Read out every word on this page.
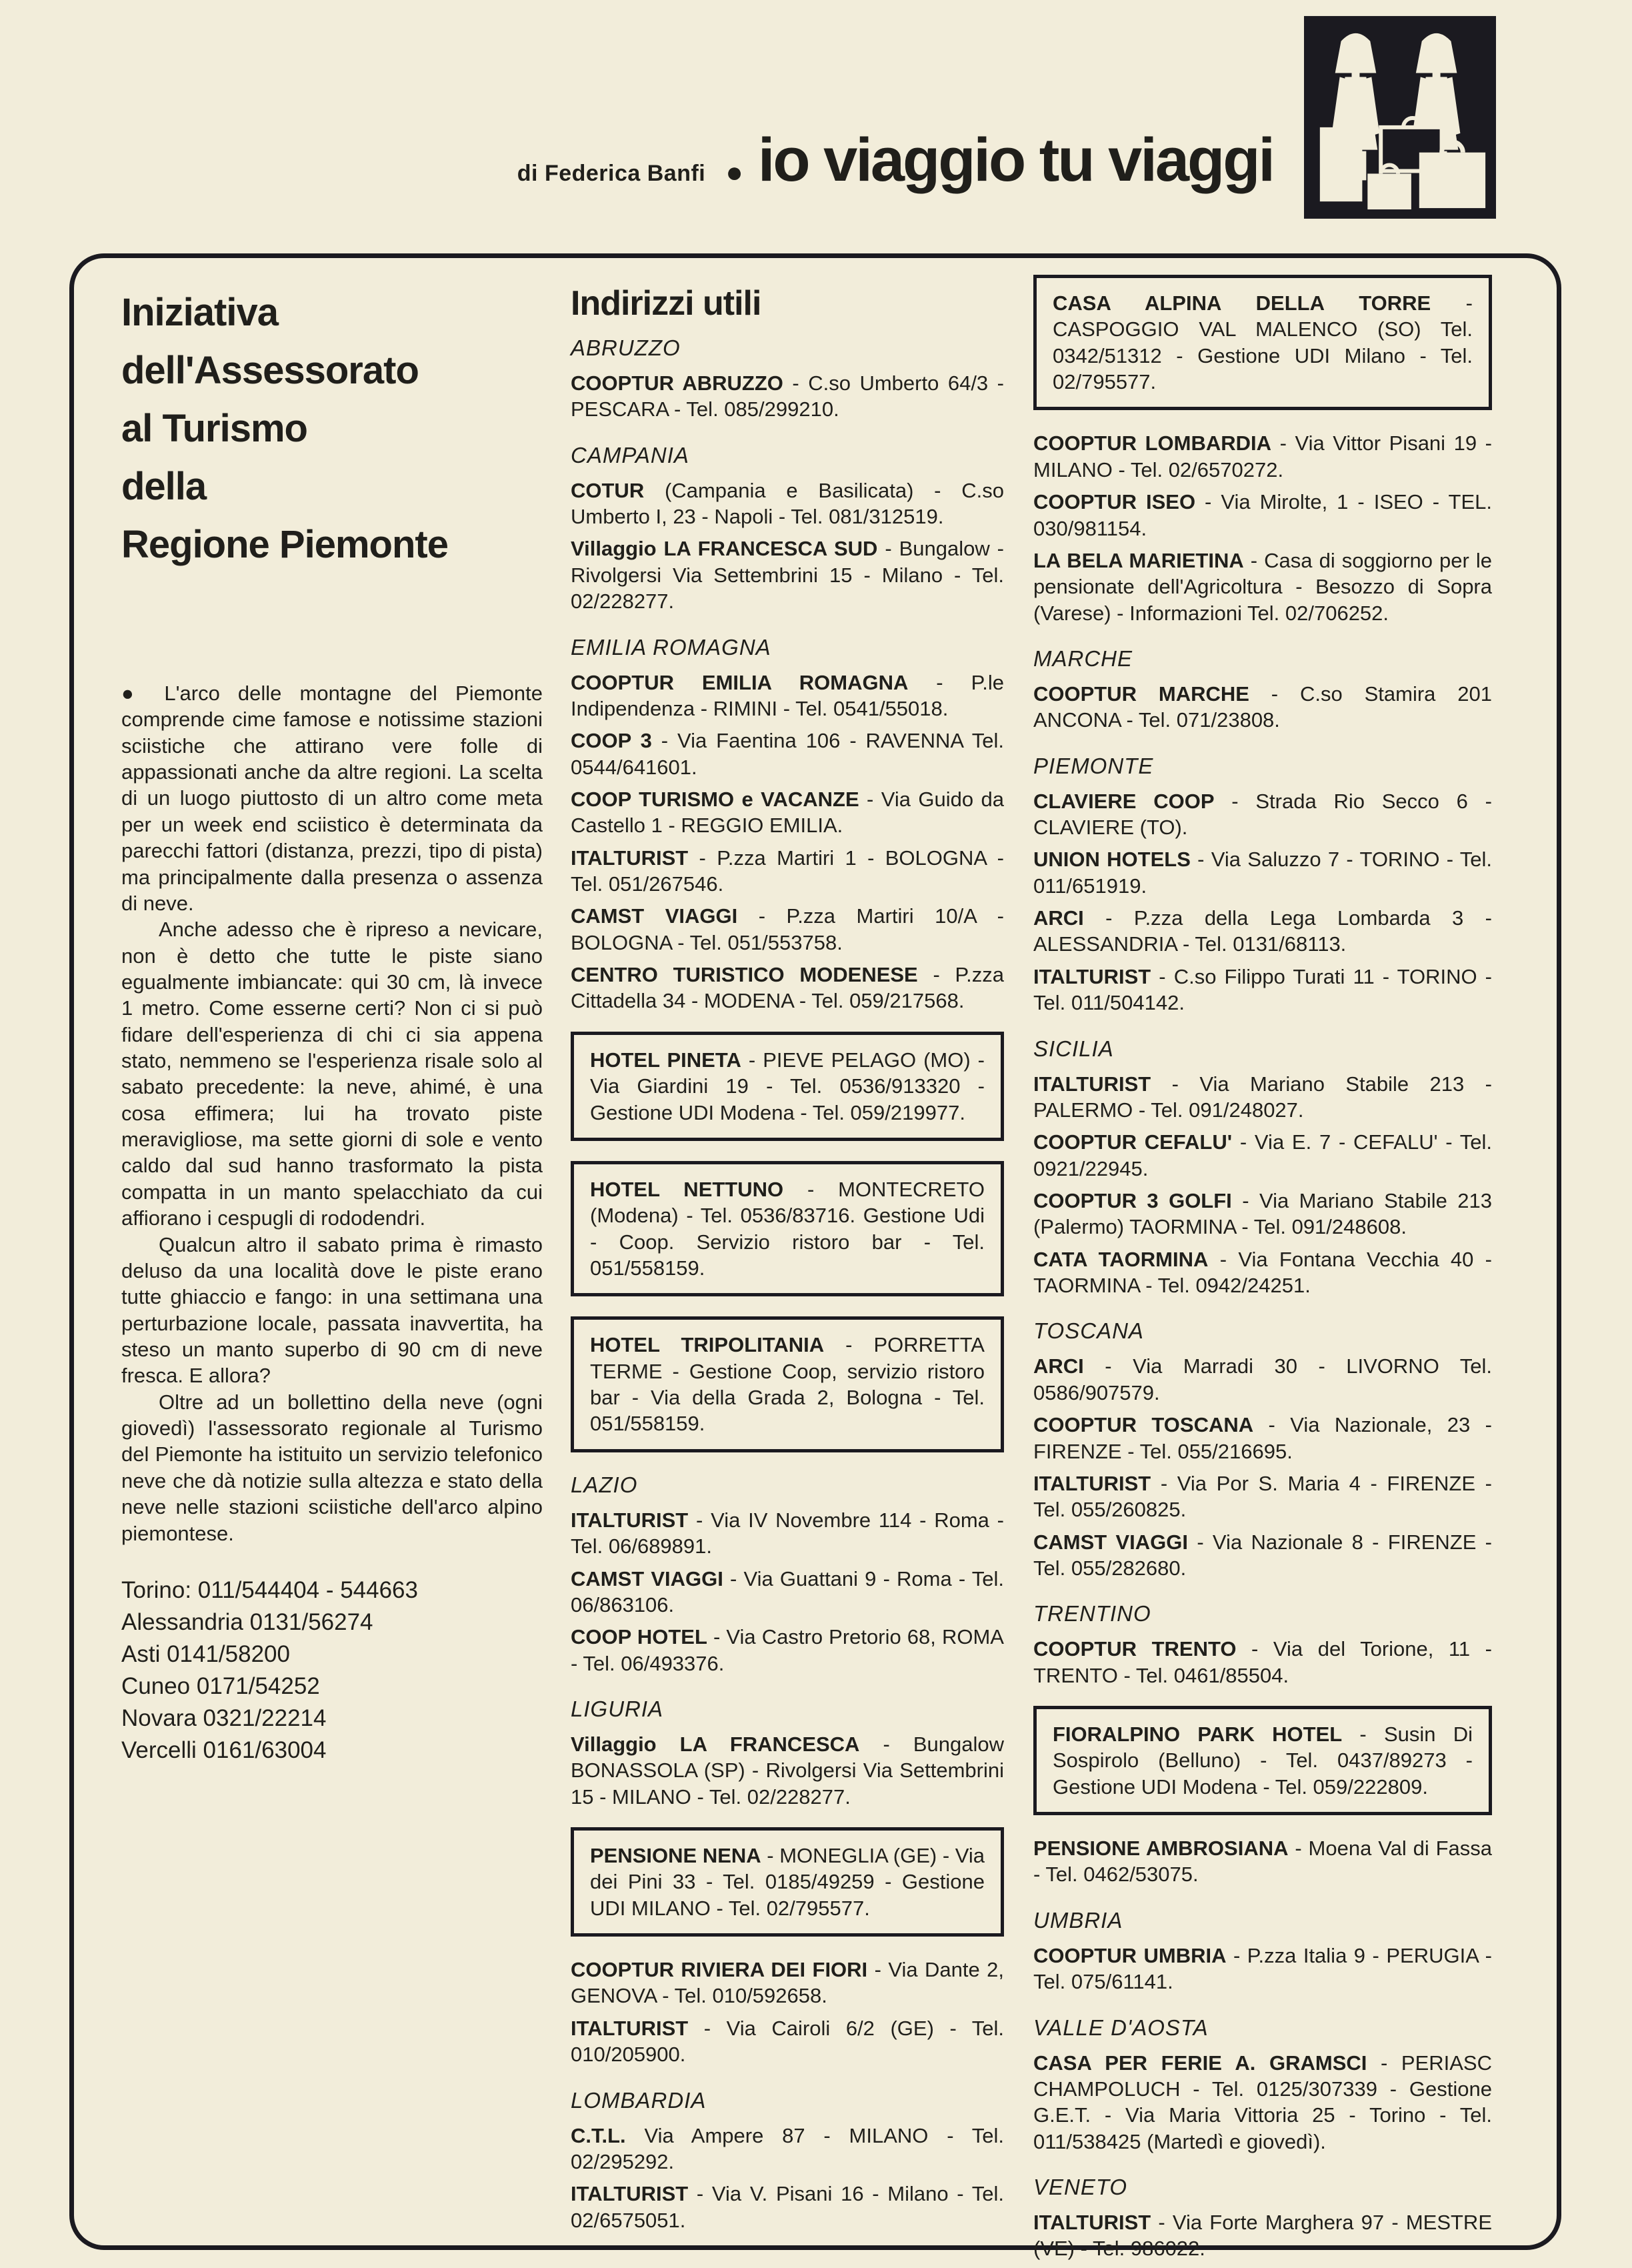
di Federica Banfi ● io viaggio tu viaggi
Iniziativa
dell'Assessorato
al Turismo
della
Regione Piemonte

● L'arco delle montagne del Piemonte comprende cime famose e notissime stazioni sciistiche che attirano vere folle di appassionati anche da altre regioni. La scelta di un luogo piuttosto di un altro come meta per un week end sciistico è determinata da parecchi fattori (distanza, prezzi, tipo di pista) ma principalmente dalla presenza o assenza di neve.

Anche adesso che è ripreso a nevicare, non è detto che tutte le piste siano egualmente imbiancate: qui 30 cm, là invece 1 metro. Come esserne certi? Non ci si può fidare dell'esperienza di chi ci sia appena stato, nemmeno se l'esperienza risale solo al sabato precedente: la neve, ahimé, è una cosa effimera; lui ha trovato piste meravigliose, ma sette giorni di sole e vento caldo dal sud hanno trasformato la pista compatta in un manto spelacchiato da cui affiorano i cespugli di rododendri.

Qualcun altro il sabato prima è rimasto deluso da una località dove le piste erano tutte ghiaccio e fango: in una settimana una perturbazione locale, passata inavvertita, ha steso un manto superbo di 90 cm di neve fresca. E allora?

Oltre ad un bollettino della neve (ogni giovedì) l'assessorato regionale al Turismo del Piemonte ha istituito un servizio telefonico neve che dà notizie sulla altezza e stato della neve nelle stazioni sciistiche dell'arco alpino piemontese.

Torino: 011/544404 - 544663
Alessandria 0131/56274
Asti 0141/58200
Cuneo 0171/54252
Novara 0321/22214
Vercelli 0161/63004
Indirizzi utili
ABRUZZO

COOPTUR ABRUZZO - C.so Umberto 64/3 - PESCARA - Tel. 085/299210.

CAMPANIA

COTUR (Campania e Basilicata) - C.so Umberto I, 23 - Napoli - Tel. 081/312519.

Villaggio LA FRANCESCA SUD - Bungalow - Rivolgersi Via Settembrini 15 - Milano - Tel. 02/228277.

EMILIA ROMAGNA

COOPTUR EMILIA ROMAGNA - P.le Indipendenza - RIMINI - Tel. 0541/55018.

COOP 3 - Via Faentina 106 - RAVENNA Tel. 0544/641601.

COOP TURISMO e VACANZE - Via Guido da Castello 1 - REGGIO EMILIA.

ITALTURIST - P.zza Martiri 1 - BOLOGNA - Tel. 051/267546.

CAMST VIAGGI - P.zza Martiri 10/A - BOLOGNA - Tel. 051/553758.

CENTRO TURISTICO MODENESE - P.zza Cittadella 34 - MODENA - Tel. 059/217568.

HOTEL PINETA - PIEVE PELAGO (MO) - Via Giardini 19 - Tel. 0536/913320 - Gestione UDI Modena - Tel. 059/219977.

HOTEL NETTUNO - MONTECRETO (Modena) - Tel. 0536/83716. Gestione Udi - Coop. Servizio ristoro bar - Tel. 051/558159.

HOTEL TRIPOLITANIA - PORRETTA TERME - Gestione Coop, servizio ristoro bar - Via della Grada 2, Bologna - Tel. 051/558159.

LAZIO

ITALTURIST - Via IV Novembre 114 - Roma - Tel. 06/689891.

CAMST VIAGGI - Via Guattani 9 - Roma - Tel. 06/863106.

COOP HOTEL - Via Castro Pretorio 68, ROMA - Tel. 06/493376.

LIGURIA

Villaggio LA FRANCESCA - Bungalow BONASSOLA (SP) - Rivolgersi Via Settembrini 15 - MILANO - Tel. 02/228277.

PENSIONE NENA - MONEGLIA (GE) - Via dei Pini 33 - Tel. 0185/49259 - Gestione UDI MILANO - Tel. 02/795577.

COOPTUR RIVIERA DEI FIORI - Via Dante 2, GENOVA - Tel. 010/592658.

ITALTURIST - Via Cairoli 6/2 (GE) - Tel. 010/205900.

LOMBARDIA

C.T.L. Via Ampere 87 - MILANO - Tel. 02/295292.

ITALTURIST - Via V. Pisani 16 - Milano - Tel. 02/6575051.

CASA ALPINA DELLA TORRE - CASPOGGIO VAL MALENCO (SO) Tel. 0342/51312 - Gestione UDI Milano - Tel. 02/795577.

COOPTUR LOMBARDIA - Via Vittor Pisani 19 - MILANO - Tel. 02/6570272.

COOPTUR ISEO - Via Mirolte, 1 - ISEO - TEL. 030/981154.

LA BELA MARIETINA - Casa di soggiorno per le pensionate dell'Agricoltura - Besozzo di Sopra (Varese) - Informazioni Tel. 02/706252.

MARCHE

COOPTUR MARCHE - C.so Stamira 201 ANCONA - Tel. 071/23808.

PIEMONTE

CLAVIERE COOP - Strada Rio Secco 6 - CLAVIERE (TO).

UNION HOTELS - Via Saluzzo 7 - TORINO - Tel. 011/651919.

ARCI - P.zza della Lega Lombarda 3 - ALESSANDRIA - Tel. 0131/68113.

ITALTURIST - C.so Filippo Turati 11 - TORINO - Tel. 011/504142.

SICILIA

ITALTURIST - Via Mariano Stabile 213 - PALERMO - Tel. 091/248027.

COOPTUR CEFALU' - Via E. 7 - CEFALU' - Tel. 0921/22945.

COOPTUR 3 GOLFI - Via Mariano Stabile 213 (Palermo) TAORMINA - Tel. 091/248608.

CATA TAORMINA - Via Fontana Vecchia 40 - TAORMINA - Tel. 0942/24251.

TOSCANA

ARCI - Via Marradi 30 - LIVORNO Tel. 0586/907579.

COOPTUR TOSCANA - Via Nazionale, 23 - FIRENZE - Tel. 055/216695.

ITALTURIST - Via Por S. Maria 4 - FIRENZE - Tel. 055/260825.

CAMST VIAGGI - Via Nazionale 8 - FIRENZE - Tel. 055/282680.

TRENTINO

COOPTUR TRENTO - Via del Torione, 11 - TRENTO - Tel. 0461/85504.

FIORALPINO PARK HOTEL - Susin Di Sospirolo (Belluno) - Tel. 0437/89273 - Gestione UDI Modena - Tel. 059/222809.

PENSIONE AMBROSIANA - Moena Val di Fassa - Tel. 0462/53075.

UMBRIA

COOPTUR UMBRIA - P.zza Italia 9 - PERUGIA - Tel. 075/61141.

VALLE D'AOSTA

CASA PER FERIE A. GRAMSCI - PERIASC CHAMPOLUCH - Tel. 0125/307339 - Gestione G.E.T. - Via Maria Vittoria 25 - Torino - Tel. 011/538425 (Martedì e giovedì).

VENETO

ITALTURIST - Via Forte Marghera 97 - MESTRE (VE) - Tel. 986022.
